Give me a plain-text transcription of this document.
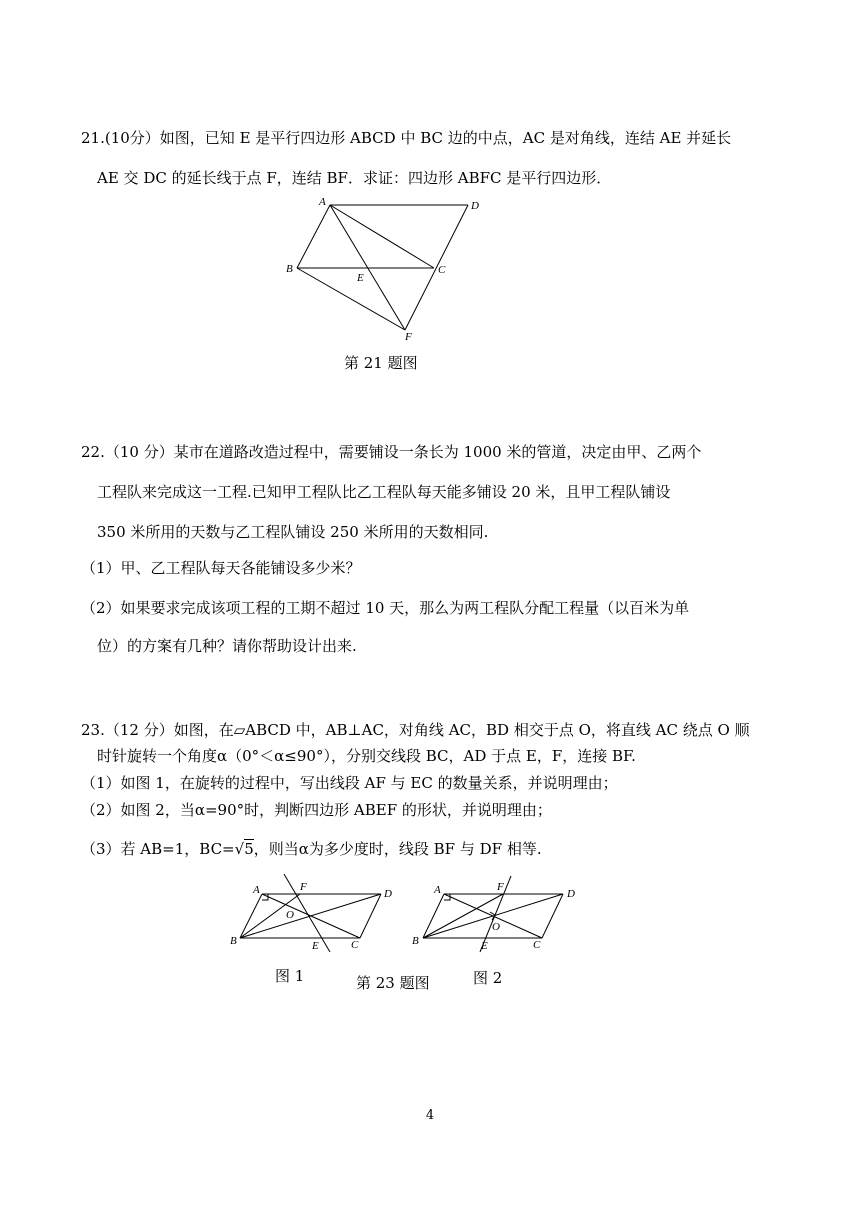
21.(10分）如图，已知 E 是平行四边形 ABCD 中 BC 边的中点，AC 是对角线，连结 AE 并延长
AE 交 DC 的延长线于点 F，连结 BF．求证：四边形 ABFC 是平行四边形．
A	D
B
E
C
F
第 21 题图
22.（10 分）某市在道路改造过程中，需要铺设一条长为 1000 米的管道，决定由甲、乙两个
工程队来完成这一工程.已知甲工程队比乙工程队每天能多铺设 20 米，且甲工程队铺设
350 米所用的天数与乙工程队铺设 250 米所用的天数相同.
（1）甲、乙工程队每天各能铺设多少米？
（2）如果要求完成该项工程的工期不超过 10 天，那么为两工程队分配工程量（以百米为单
位）的方案有几种？请你帮助设计出来.
23.（12 分）如图，在▱ABCD 中，AB⊥AC，对角线 AC，BD 相交于点 O，将直线 AC 绕点 O 顺
时针旋转一个角度α（0°＜α≤90°），分别交线段 BC，AD 于点 E，F，连接 BF.
（1）如图 1，在旋转的过程中，写出线段 AF 与 EC 的数量关系，并说明理由；
（2）如图 2，当α=90°时，判断四边形 ABEF 的形状，并说明理由；
（3）若 AB=1，BC=√5，则当α为多少度时，线段 BF 与 DF 相等.
A	F
D
O
B	E	C
A	F
D
O
B	E	C
图 1	第 23 题图	图 2
4
